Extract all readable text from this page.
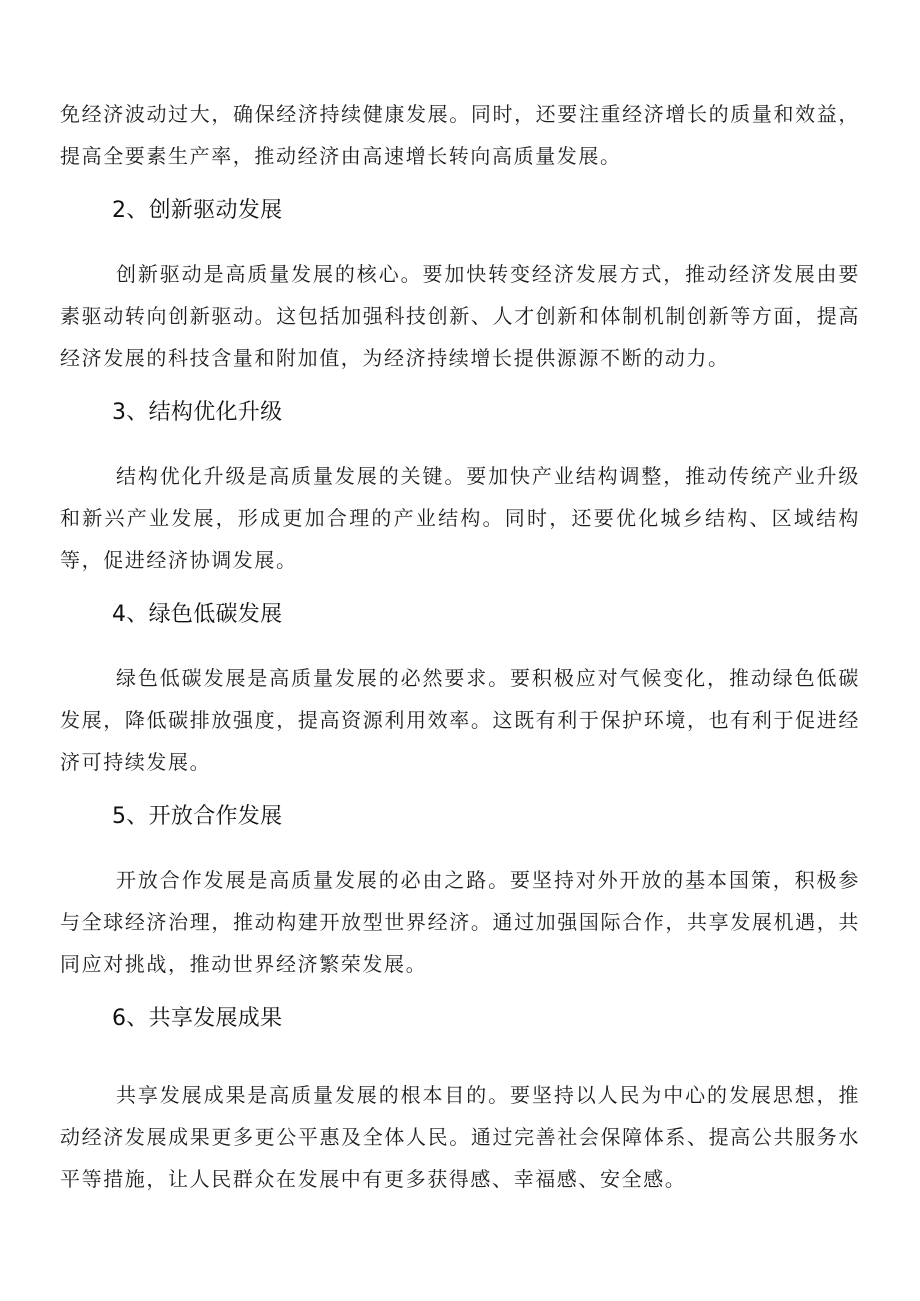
免经济波动过大，确保经济持续健康发展。同时，还要注重经济增长的质量和效益，提高全要素生产率，推动经济由高速增长转向高质量发展。

2、创新驱动发展

创新驱动是高质量发展的核心。要加快转变经济发展方式，推动经济发展由要素驱动转向创新驱动。这包括加强科技创新、人才创新和体制机制创新等方面，提高经济发展的科技含量和附加值，为经济持续增长提供源源不断的动力。

3、结构优化升级

结构优化升级是高质量发展的关键。要加快产业结构调整，推动传统产业升级和新兴产业发展，形成更加合理的产业结构。同时，还要优化城乡结构、区域结构等，促进经济协调发展。

4、绿色低碳发展

绿色低碳发展是高质量发展的必然要求。要积极应对气候变化，推动绿色低碳发展，降低碳排放强度，提高资源利用效率。这既有利于保护环境，也有利于促进经济可持续发展。

5、开放合作发展

开放合作发展是高质量发展的必由之路。要坚持对外开放的基本国策，积极参与全球经济治理，推动构建开放型世界经济。通过加强国际合作，共享发展机遇，共同应对挑战，推动世界经济繁荣发展。

6、共享发展成果

共享发展成果是高质量发展的根本目的。要坚持以人民为中心的发展思想，推动经济发展成果更多更公平惠及全体人民。通过完善社会保障体系、提高公共服务水平等措施，让人民群众在发展中有更多获得感、幸福感、安全感。
